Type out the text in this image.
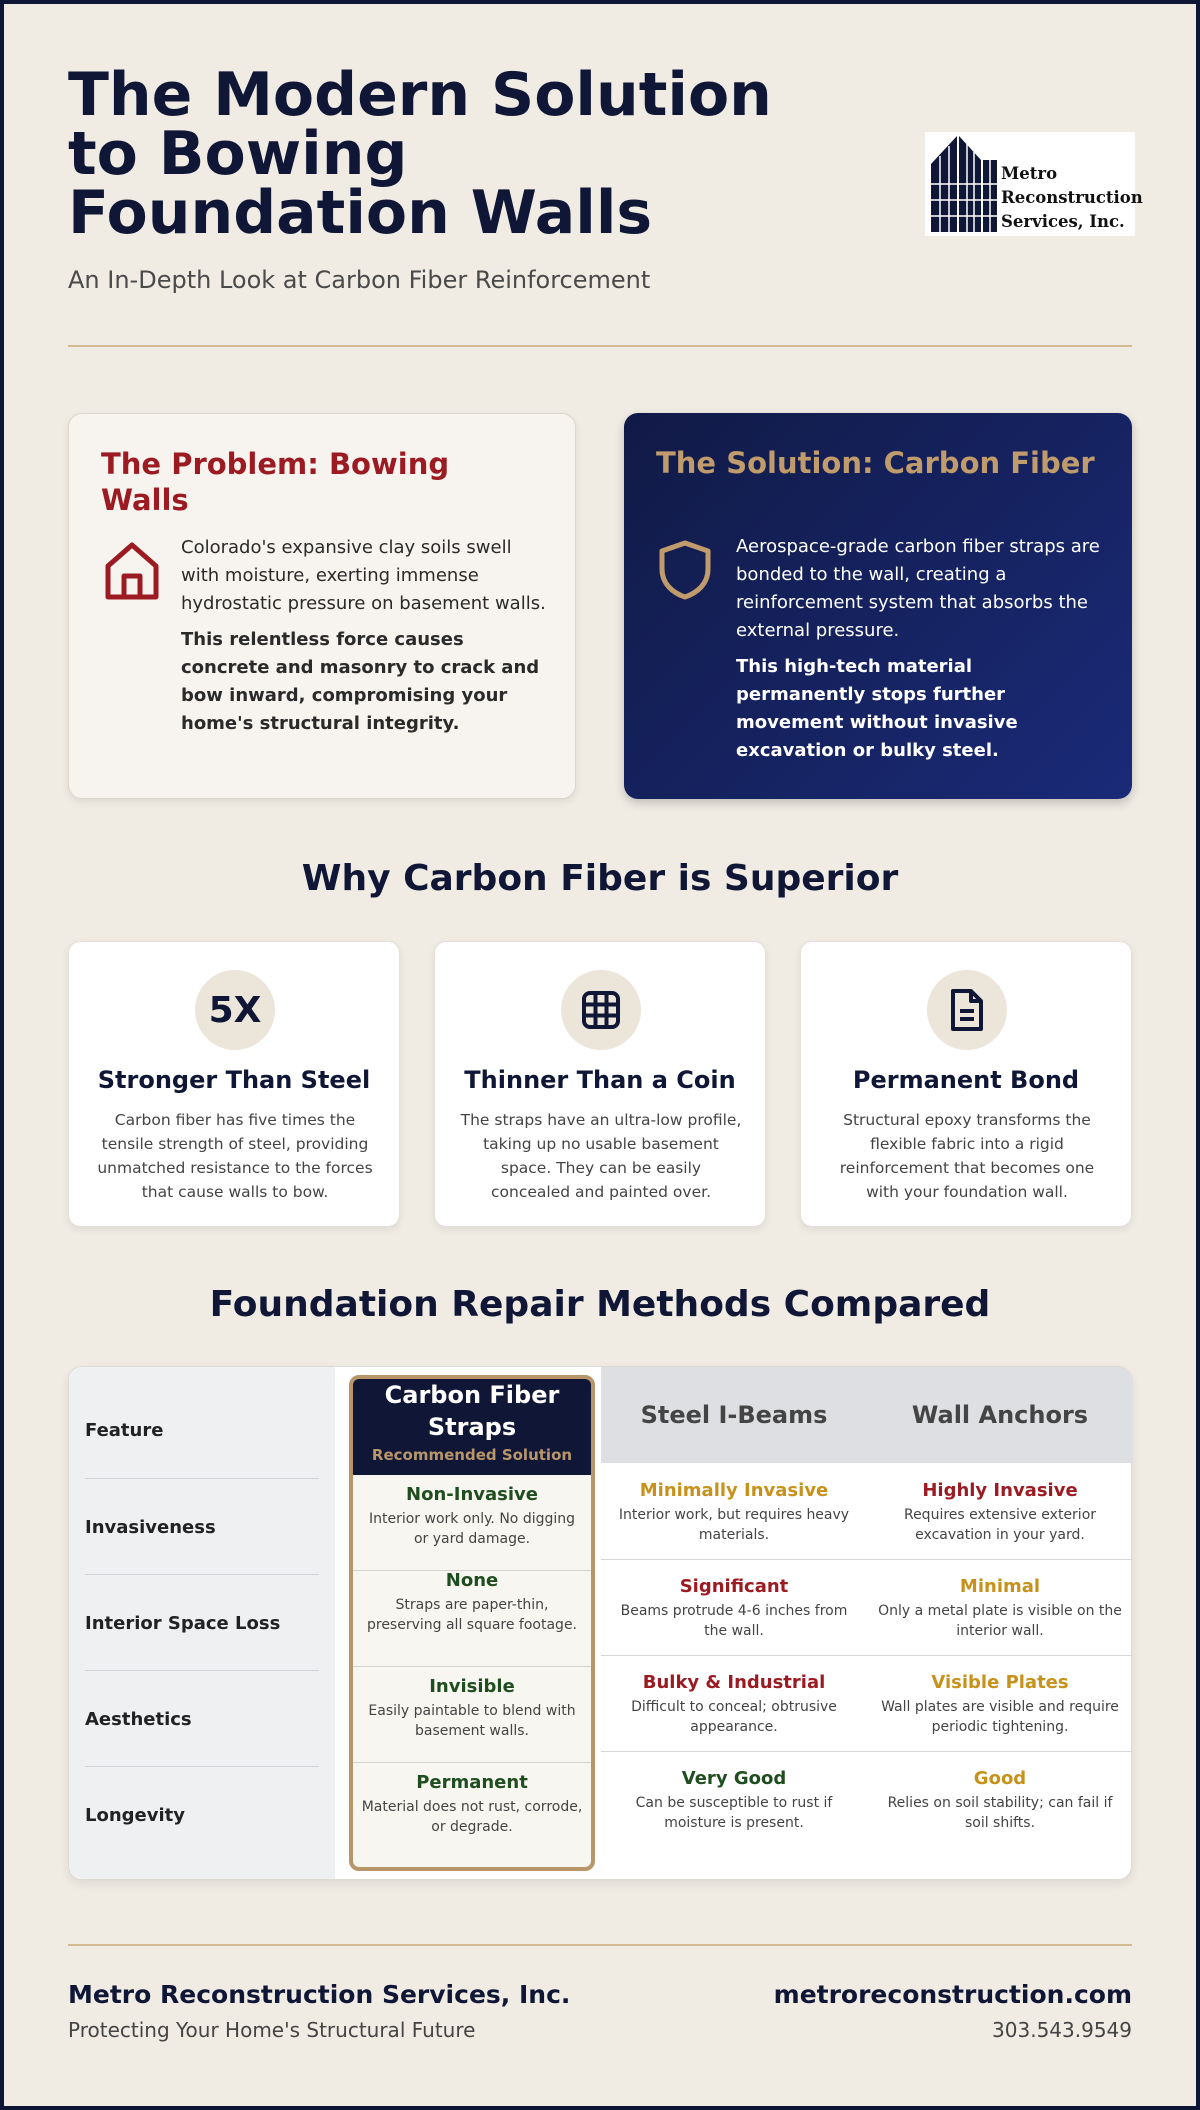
The Modern Solution to Bowing Foundation Walls
An In-Depth Look at Carbon Fiber Reinforcement
Metro Reconstruction Services, Inc.
The Problem: Bowing Walls

Colorado's expansive clay soils swell with moisture, exerting immense hydrostatic pressure on basement walls.

This relentless force causes concrete and masonry to crack and bow inward, compromising your home's structural integrity.

The Solution: Carbon Fiber

Aerospace-grade carbon fiber straps are bonded to the wall, creating a reinforcement system that absorbs the external pressure.

This high-tech material permanently stops further movement without invasive excavation or bulky steel.

Why Carbon Fiber is Superior
5X
Stronger Than Steel

Carbon fiber has five times the tensile strength of steel, providing unmatched resistance to the forces that cause walls to bow.

Thinner Than a Coin

The straps have an ultra-low profile, taking up no usable basement space. They can be easily concealed and painted over.

Permanent Bond

Structural epoxy transforms the flexible fabric into a rigid reinforcement that becomes one with your foundation wall.

Foundation Repair Methods Compared
Feature
Invasiveness
Interior Space Loss
Aesthetics
Longevity
Steel I-Beams	Wall Anchors
Carbon Fiber Straps
Recommended Solution
Non-Invasive
Interior work only. No digging or yard damage.
None
Straps are paper-thin, preserving all square footage.
Invisible
Easily paintable to blend with basement walls.
Permanent
Material does not rust, corrode, or degrade.
Minimally Invasive
Interior work, but requires heavy materials.
Significant
Beams protrude 4-6 inches from the wall.
Bulky & Industrial
Difficult to conceal; obtrusive appearance.
Very Good
Can be susceptible to rust if moisture is present.
Highly Invasive
Requires extensive exterior excavation in your yard.
Minimal
Only a metal plate is visible on the interior wall.
Visible Plates
Wall plates are visible and require periodic tightening.
Good
Relies on soil stability; can fail if soil shifts.
Metro Reconstruction Services, Inc.
Protecting Your Home's Structural Future
metroreconstruction.com
303.543.9549
